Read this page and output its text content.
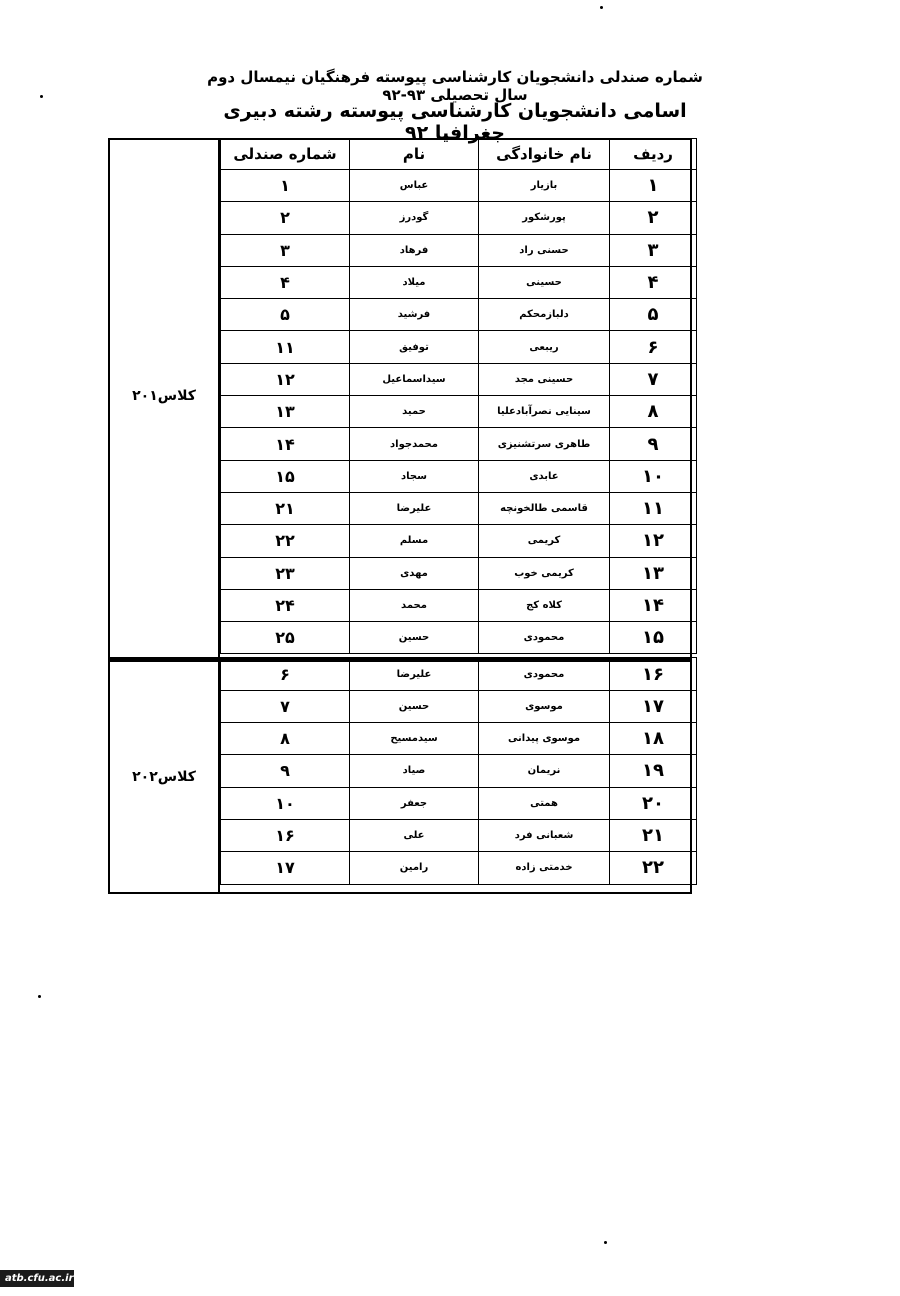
شماره صندلی دانشجویان کارشناسی پیوسته فرهنگیان نیمسال دوم سال تحصیلی ۹۳-۹۲
اسامی دانشجویان کارشناسی پیوسته رشته دبیری جغرافیا ۹۲
کلاس۲۰۱
کلاس۲۰۲
ردیف	نام خانوادگی	نام	شماره صندلی
۱	بازیار	عباس	۱
۲	پورشکور	گودرز	۲
۳	حسنی راد	فرهاد	۳
۴	حسینی	میلاد	۴
۵	دلبازمحکم	فرشید	۵
۶	ریبعی	توفیق	۱۱
۷	حسینی مجد	سیداسماعیل	۱۲
۸	سینایی نصرآبادعلیا	حمید	۱۳
۹	طاهری سرتشنیزی	محمدجواد	۱۴
۱۰	عابدی	سجاد	۱۵
۱۱	قاسمی طالخونچه	علیرضا	۲۱
۱۲	کریمی	مسلم	۲۲
۱۳	کریمی خوب	مهدی	۲۳
۱۴	کلاه کج	محمد	۲۴
۱۵	محمودی	حسین	۲۵

۱۶	محمودی	علیرضا	۶
۱۷	موسوی	حسین	۷
۱۸	موسوی پیدانی	سیدمسیح	۸
۱۹	نریمان	صیاد	۹
۲۰	همتی	جعفر	۱۰
۲۱	شعبانی فرد	علی	۱۶
۲۲	خدمتی زاده	رامین	۱۷
atb.cfu.ac.ir
